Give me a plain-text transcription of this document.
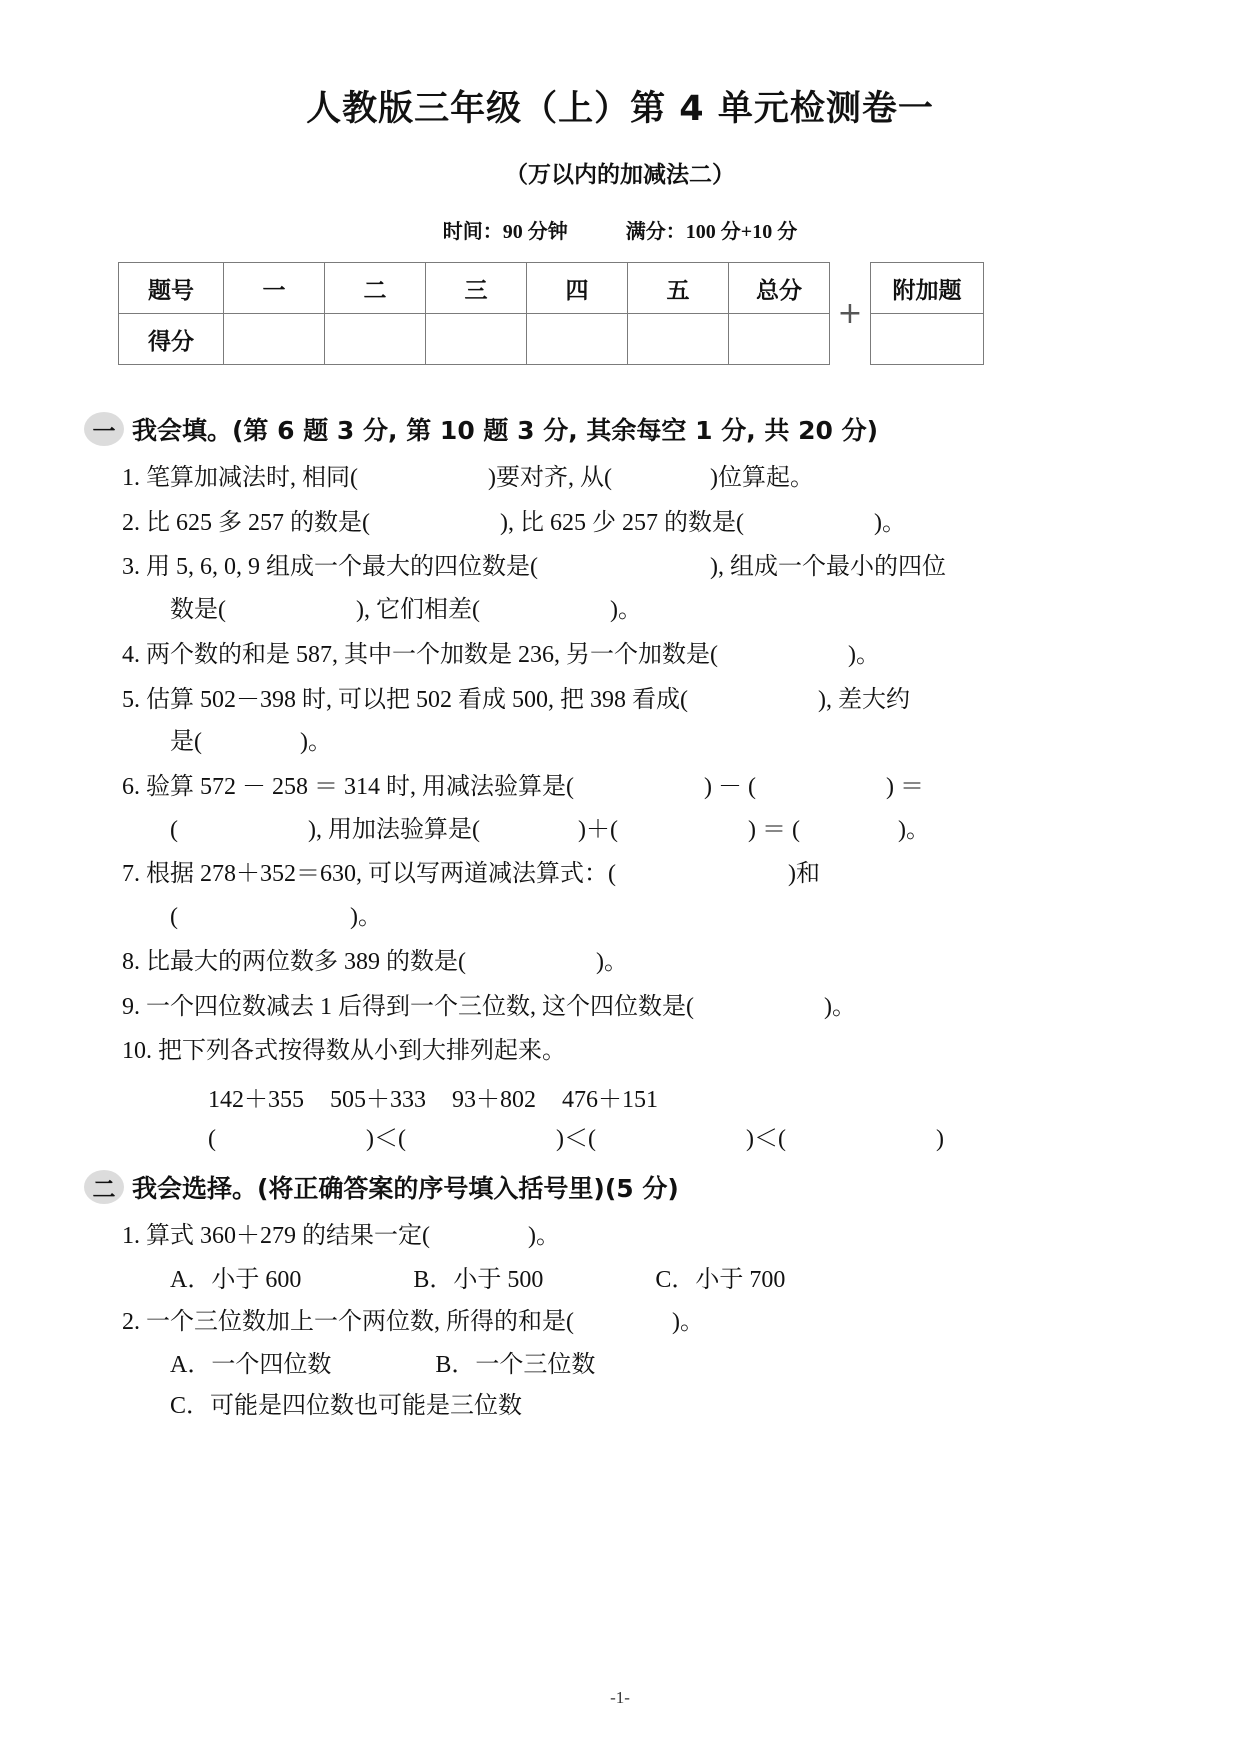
人教版三年级（上）第 4 单元检测卷一
（万以内的加减法二）
时间：90 分钟	满分：100 分+10 分
题号	一	二	三	四	五	总分
得分						
+
附加题

一 我会填。(第 6 题 3 分, 第 10 题 3 分, 其余每空 1 分, 共 20 分)
1. 笔算加减法时, 相同(	)要对齐, 从(	)位算起。
2. 比 625 多 257 的数是(	), 比 625 少 257 的数是(	)。
3. 用 5, 6, 0, 9 组成一个最大的四位数是(	), 组成一个最小的四位
数是(	), 它们相差(	)。
4. 两个数的和是 587, 其中一个加数是 236, 另一个加数是(	)。
5. 估算 502－398 时, 可以把 502 看成 500, 把 398 看成(	), 差大约
是(	)。
6. 验算 572 － 258 ＝ 314 时, 用减法验算是(	) － (	) ＝
(	), 用加法验算是(	)＋(	) ＝ (	)。
7. 根据 278＋352＝630, 可以写两道减法算式：(	)和
(	)。
8. 比最大的两位数多 389 的数是(	)。
9. 一个四位数减去 1 后得到一个三位数, 这个四位数是(	)。
10. 把下列各式按得数从小到大排列起来。
142＋355 505＋333 93＋802 476＋151
(	)＜(	)＜(	)＜(	)
二 我会选择。(将正确答案的序号填入括号里)(5 分)
1. 算式 360＋279 的结果一定(	)。
A．小于 600	B．小于 500	C．小于 700
2. 一个三位数加上一个两位数, 所得的和是(	)。
A．一个四位数	B．一个三位数
C．可能是四位数也可能是三位数
-1-
